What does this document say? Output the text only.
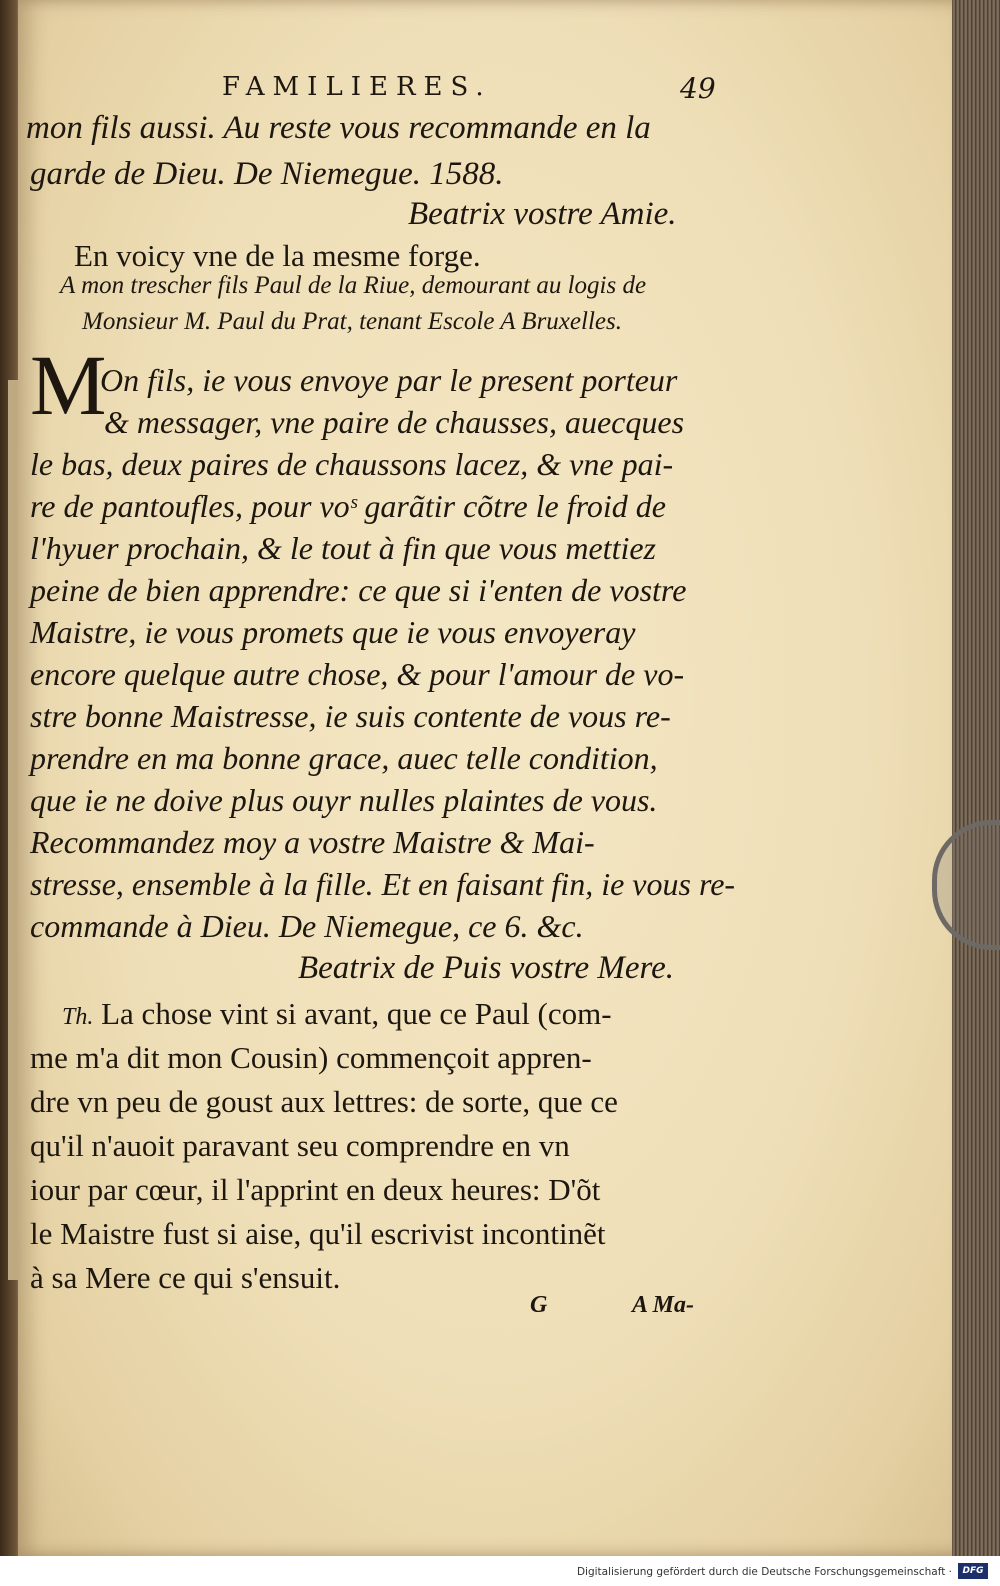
FAMILIERES.	49
mon fils aussi. Au reste vous recommande en la
garde de Dieu. De Niemegue. 1588.
Beatrix vostre Amie.
En voicy vne de la mesme forge.
A mon trescher fils Paul de la Riue, demourant au logis de
Monsieur M. Paul du Prat, tenant Escole A Bruxelles.
M
On fils, ie vous envoye par le present porteur
& messager, vne paire de chausses, auecques
le bas, deux paires de chaussons lacez, & vne pai-
re de pantoufles, pour voˢ garãtir cõtre le froid de
l'hyuer prochain, & le tout à fin que vous mettiez
peine de bien apprendre: ce que si i'enten de vostre
Maistre, ie vous promets que ie vous envoyeray
encore quelque autre chose, & pour l'amour de vo-
stre bonne Maistresse, ie suis contente de vous re-
prendre en ma bonne grace, auec telle condition,
que ie ne doive plus ouyr nulles plaintes de vous.
Recommandez moy a vostre Maistre & Mai-
stresse, ensemble à la fille. Et en faisant fin, ie vous re-
commande à Dieu. De Niemegue, ce 6. &c.
Beatrix de Puis vostre Mere.
Th. La chose vint si avant, que ce Paul (com-
me m'a dit mon Cousin) commençoit appren-
dre vn peu de goust aux lettres: de sorte, que ce
qu'il n'auoit paravant seu comprendre en vn
iour par cœur, il l'apprint en deux heures: D'õt
le Maistre fust si aise, qu'il escrivist incontinẽt
à sa Mere ce qui s'ensuit.
G	A Ma-
Digitalisierung gefördert durch die Deutsche Forschungsgemeinschaft ·	DFG
